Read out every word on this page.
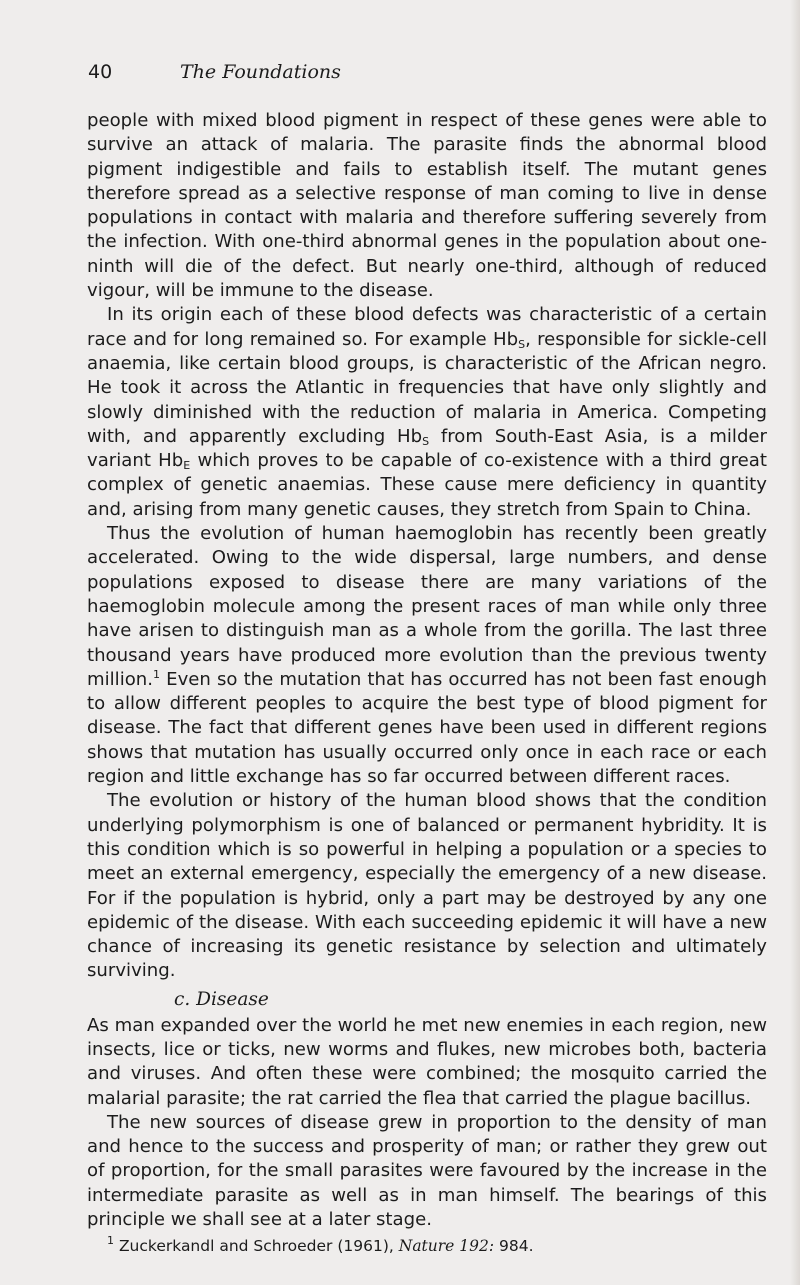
40	The Foundations

people with mixed blood pigment in respect of these genes were able to survive an attack of malaria. The parasite finds the abnormal blood pigment indigestible and fails to establish itself. The mutant genes therefore spread as a selective response of man coming to live in dense populations in contact with malaria and therefore suffering severely from the infection. With one-third abnormal genes in the population about one-ninth will die of the defect. But nearly one-third, although of reduced vigour, will be immune to the disease.

In its origin each of these blood defects was characteristic of a certain race and for long remained so. For example $Hb_S$, responsible for sickle-cell anaemia, like certain blood groups, is characteristic of the African negro. He took it across the Atlantic in frequencies that have only slightly and slowly diminished with the reduction of malaria in America. Competing with, and apparently excluding $Hb_S$ from South-East Asia, is a milder variant $Hb_E$ which proves to be capable of co-existence with a third great complex of genetic anaemias. These cause mere deficiency in quantity and, arising from many genetic causes, they stretch from Spain to China.

Thus the evolution of human haemoglobin has recently been greatly accelerated. Owing to the wide dispersal, large numbers, and dense populations exposed to disease there are many variations of the haemoglobin molecule among the present races of man while only three have arisen to distinguish man as a whole from the gorilla. The last three thousand years have produced more evolution than the previous twenty million.$^1$ Even so the mutation that has occurred has not been fast enough to allow different peoples to acquire the best type of blood pigment for disease. The fact that different genes have been used in different regions shows that mutation has usually occurred only once in each race or each region and little exchange has so far occurred between different races.

The evolution or history of the human blood shows that the condition underlying polymorphism is one of balanced or permanent hybridity. It is this condition which is so powerful in helping a population or a species to meet an external emergency, especially the emergency of a new disease. For if the population is hybrid, only a part may be destroyed by any one epidemic of the disease. With each succeeding epidemic it will have a new chance of increasing its genetic resistance by selection and ultimately surviving.

c. Disease

As man expanded over the world he met new enemies in each region, new insects, lice or ticks, new worms and flukes, new microbes both, bacteria and viruses. And often these were combined; the mosquito carried the malarial parasite; the rat carried the flea that carried the plague bacillus.

The new sources of disease grew in proportion to the density of man and hence to the success and prosperity of man; or rather they grew out of proportion, for the small parasites were favoured by the increase in the intermediate parasite as well as in man himself. The bearings of this principle we shall see at a later stage.

$^1$ Zuckerkandl and Schroeder (1961), Nature 192: 984.
